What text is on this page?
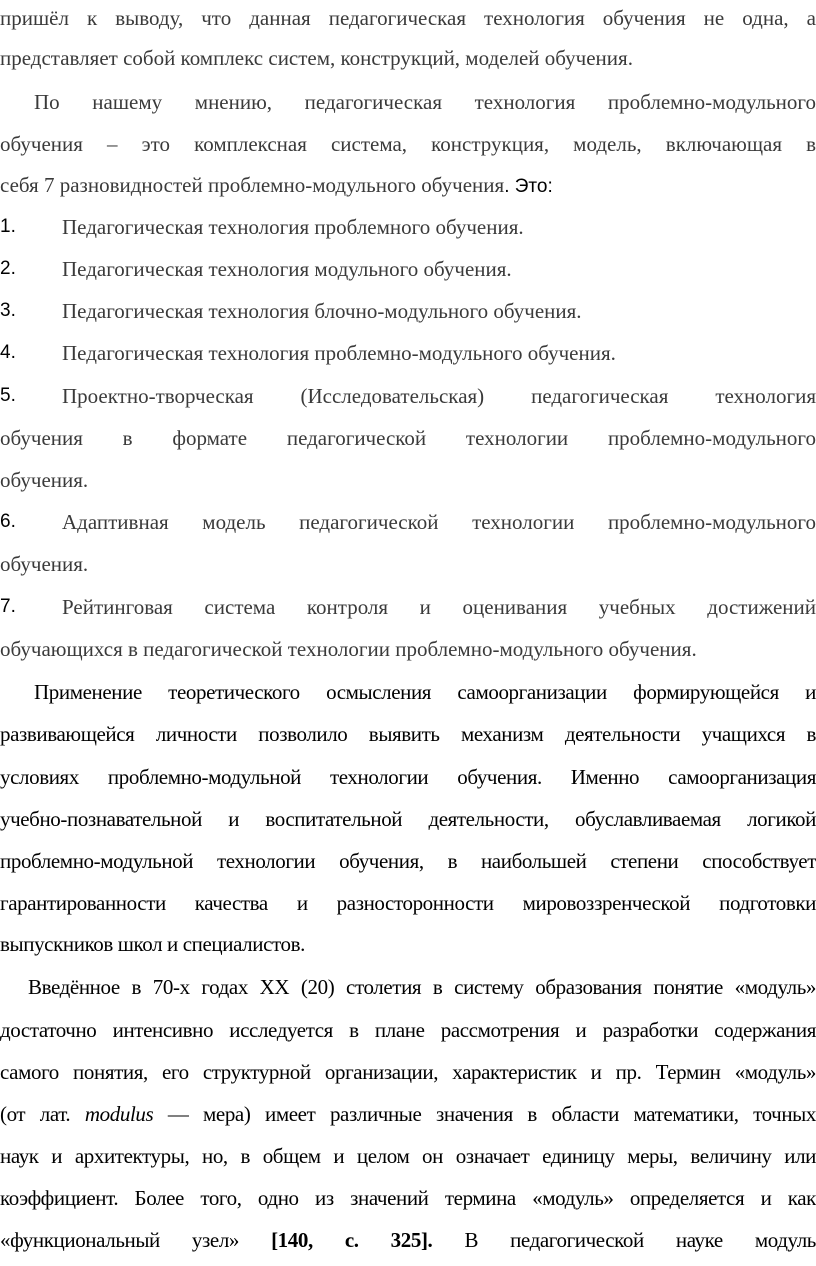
пришёл к выводу, что данная педагогическая технология обучения не одна, а
представляет собой комплекс систем, конструкций, моделей обучения.
По нашему мнению, педагогическая технология проблемно-модульного
обучения – это комплексная система, конструкция, модель, включающая в
себя 7 разновидностей проблемно-модульного обучения. Это:
1. Педагогическая технология проблемного обучения.
2. Педагогическая технология модульного обучения.
3. Педагогическая технология блочно-модульного обучения.
4. Педагогическая технология проблемно-модульного обучения.
5. Проектно-творческая (Исследовательская) педагогическая технология
обучения в формате педагогической технологии проблемно-модульного
обучения.
6. Адаптивная модель педагогической технологии проблемно-модульного
обучения.
7. Рейтинговая система контроля и оценивания учебных достижений
обучающихся в педагогической технологии проблемно-модульного обучения.
Применение теоретического осмысления самоорганизации формирующейся и
развивающейся личности позволило выявить механизм деятельности учащихся в
условиях проблемно-модульной технологии обучения. Именно самоорганизация
учебно-познавательной и воспитательной деятельности, обуславливаемая логикой
проблемно-модульной технологии обучения, в наибольшей степени способствует
гарантированности качества и разносторонности мировоззренческой подготовки
выпускников школ и специалистов.
Введённое в 70-х годах XX (20) столетия в систему образования понятие «модуль»
достаточно интенсивно исследуется в плане рассмотрения и разработки содержания
самого понятия, его структурной организации, характеристик и пр. Термин «модуль»
(от лат. modulus — мера) имеет различные значения в области математики, точных
наук и архитектуры, но, в общем и целом он означает единицу меры, величину или
коэффициент. Более того, одно из значений термина «модуль» определяется и как
«функциональный узел» [140, с. 325]. В педагогической науке модуль
